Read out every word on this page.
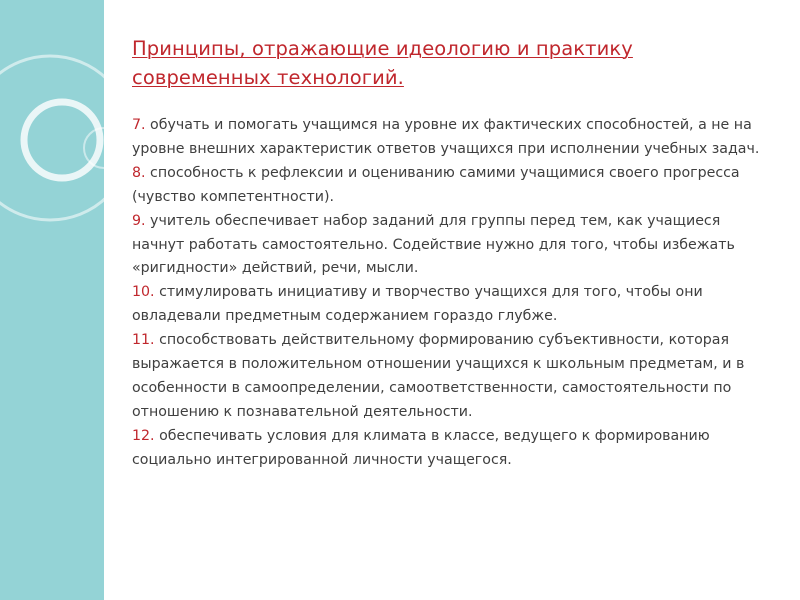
Принципы, отражающие идеологию и практику современных технологий.

7. обучать и помогать учащимся на уровне их фактических способностей, а не на уровне внешних характеристик ответов учащихся при исполнении учебных задач.

8. способность к рефлексии и оцениванию самими учащимися своего прогресса (чувство компетентности).

9. учитель обеспечивает набор заданий для группы перед тем, как учащиеся начнут работать самостоятельно. Содействие нужно для того, чтобы избежать «ригидности» действий, речи, мысли.

10. стимулировать инициативу и творчество учащихся для того, чтобы они овладевали предметным содержанием гораздо глубже.

11. способствовать действительному формированию субъективности, которая выражается в положительном отношении учащихся к школьным предметам, и в особенности в самоопределении, самоответственности, самостоятельности по отношению к познавательной деятельности.

12. обеспечивать условия для климата в классе, ведущего к формированию социально интегрированной личности учащегося.
